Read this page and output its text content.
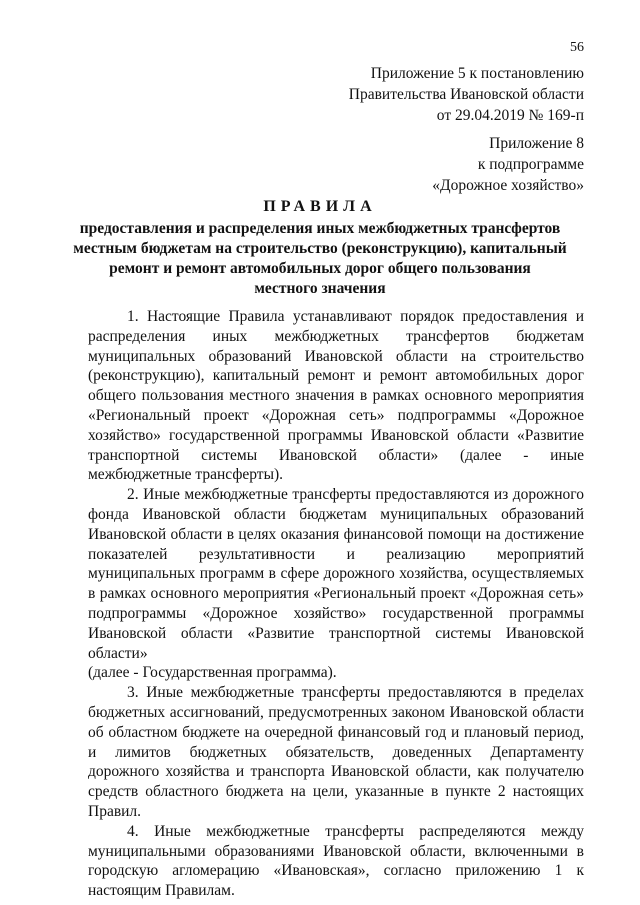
56
Приложение 5 к постановлению
Правительства Ивановской области
от 29.04.2019 № 169-п
Приложение 8
к подпрограмме
«Дорожное хозяйство»
ПРАВИЛА
предоставления и распределения иных межбюджетных трансфертов
местным бюджетам на строительство (реконструкцию), капитальный
ремонт и ремонт автомобильных дорог общего пользования
местного значения

1. Настоящие Правила устанавливают порядок предоставления и распределения иных межбюджетных трансфертов бюджетам муниципальных образований Ивановской области на строительство (реконструкцию), капитальный ремонт и ремонт автомобильных дорог общего пользования местного значения в рамках основного мероприятия «Региональный проект «Дорожная сеть» подпрограммы «Дорожное хозяйство» государственной программы Ивановской области «Развитие транспортной системы Ивановской области» (далее - иные межбюджетные трансферты).

2. Иные межбюджетные трансферты предоставляются из дорожного фонда Ивановской области бюджетам муниципальных образований Ивановской области в целях оказания финансовой помощи на достижение показателей результативности и реализацию мероприятий муниципальных программ в сфере дорожного хозяйства, осуществляемых в рамках основного мероприятия «Региональный проект «Дорожная сеть» подпрограммы «Дорожное хозяйство» государственной программы Ивановской области «Развитие транспортной системы Ивановской области»

(далее - Государственная программа).

3. Иные межбюджетные трансферты предоставляются в пределах бюджетных ассигнований, предусмотренных законом Ивановской области об областном бюджете на очередной финансовый год и плановый период, и лимитов бюджетных обязательств, доведенных Департаменту дорожного хозяйства и транспорта Ивановской области, как получателю средств областного бюджета на цели, указанные в пункте 2 настоящих Правил.

4. Иные межбюджетные трансферты распределяются между муниципальными образованиями Ивановской области, включенными в городскую агломерацию «Ивановская», согласно приложению 1 к настоящим Правилам.
